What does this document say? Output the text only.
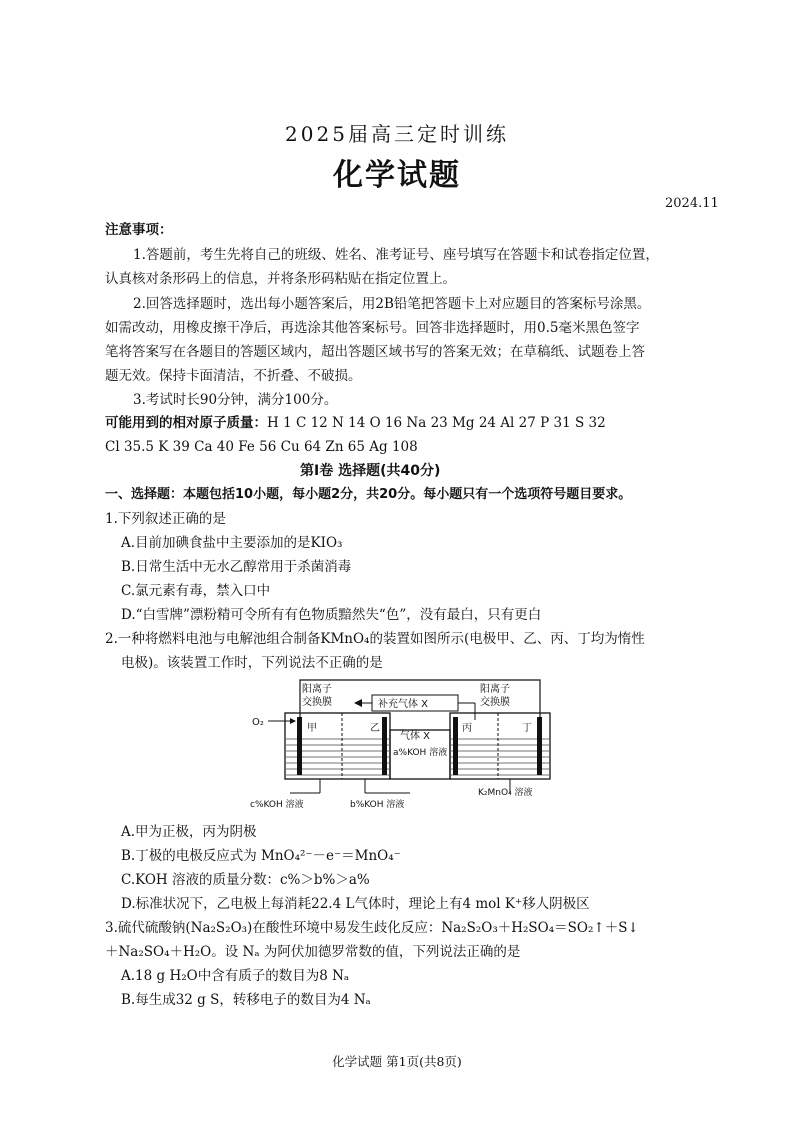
2025届高三定时训练
化学试题
2024.11
注意事项：
1.答题前，考生先将自己的班级、姓名、准考证号、座号填写在答题卡和试卷指定位置，
认真核对条形码上的信息，并将条形码粘贴在指定位置上。
2.回答选择题时，选出每小题答案后，用2B铅笔把答题卡上对应题目的答案标号涂黑。
如需改动，用橡皮擦干净后，再选涂其他答案标号。回答非选择题时，用0.5毫米黑色签字
笔将答案写在各题目的答题区域内，超出答题区域书写的答案无效；在草稿纸、试题卷上答
题无效。保持卡面清洁，不折叠、不破损。
3.考试时长90分钟，满分100分。
可能用到的相对原子质量：H 1 C 12 N 14 O 16 Na 23 Mg 24 Al 27 P 31 S 32
Cl 35.5 K 39 Ca 40 Fe 56 Cu 64 Zn 65 Ag 108
第Ⅰ卷 选择题(共40分)
一、选择题：本题包括10小题，每小题2分，共20分。每小题只有一个选项符号题目要求。
1.下列叙述正确的是
A.目前加碘食盐中主要添加的是KIO₃
B.日常生活中无水乙醇常用于杀菌消毒
C.氯元素有毒，禁入口中
D.“白雪牌”漂粉精可令所有有色物质黯然失“色”，没有最白，只有更白
2.一种将燃料电池与电解池组合制备KMnO₄的装置如图所示(电极甲、乙、丙、丁均为惰性
电极)。该装置工作时，下列说法不正确的是
阳离子
交换膜
阳离子
交换膜
补充气体 X
气体 X
O₂
甲	乙	丙	丁
a%KOH 溶液
c%KOH 溶液	b%KOH 溶液
K₂MnO₄ 溶液
A.甲为正极，丙为阴极
B.丁极的电极反应式为 MnO₄²⁻－e⁻＝MnO₄⁻
C.KOH 溶液的质量分数：c%＞b%＞a%
D.标准状况下，乙电极上每消耗22.4 L气体时，理论上有4 mol K⁺移人阴极区
3.硫代硫酸钠(Na₂S₂O₃)在酸性环境中易发生歧化反应：Na₂S₂O₃＋H₂SO₄＝SO₂↑＋S↓
＋Na₂SO₄＋H₂O。设 Nₐ 为阿伏加德罗常数的值，下列说法正确的是
A.18 g H₂O中含有质子的数目为8 Nₐ
B.每生成32 g S，转移电子的数目为4 Nₐ
化学试题 第1页(共8页)
